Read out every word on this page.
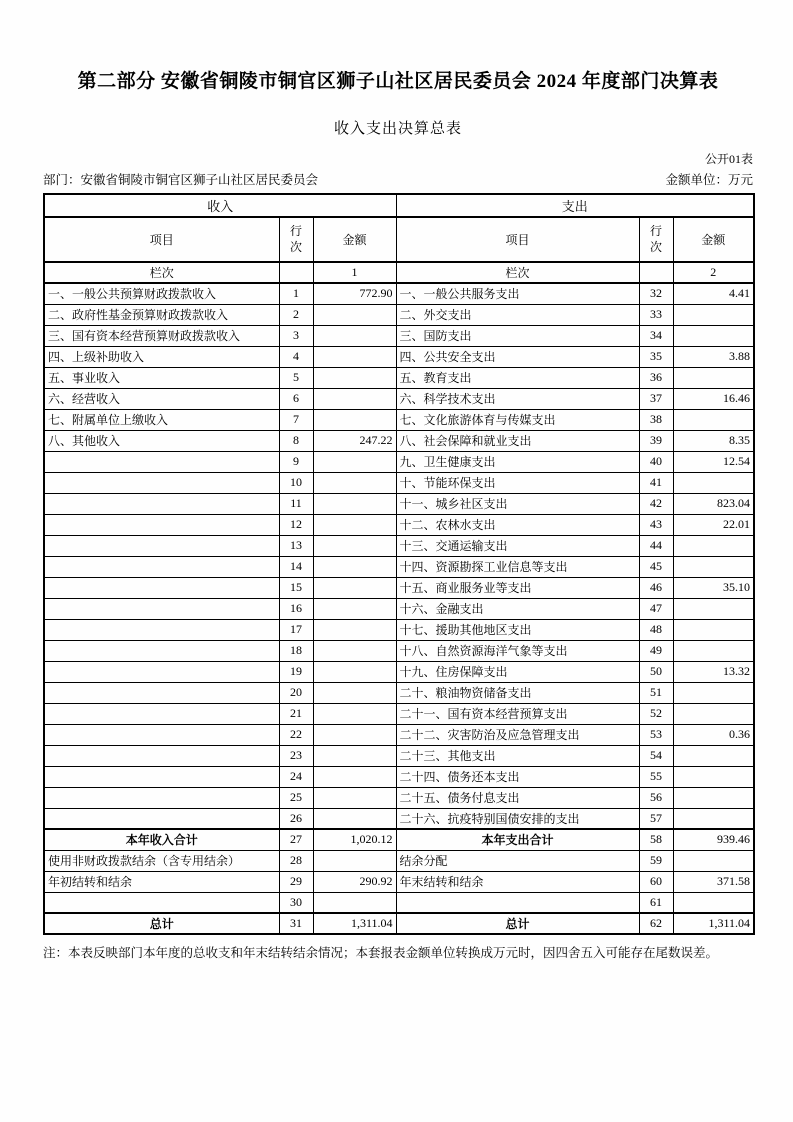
第二部分 安徽省铜陵市铜官区狮子山社区居民委员会 2024 年度部门决算表
收入支出决算总表
公开01表
部门：安徽省铜陵市铜官区狮子山社区居民委员会	金额单位：万元
收入			支出		
项目	行次	金额	项目	行次	金额
栏次		1	栏次		2
一、一般公共预算财政拨款收入	1	772.90	一、一般公共服务支出	32	4.41
二、政府性基金预算财政拨款收入	2		二、外交支出	33	
三、国有资本经营预算财政拨款收入	3		三、国防支出	34	
四、上级补助收入	4		四、公共安全支出	35	3.88
五、事业收入	5		五、教育支出	36	
六、经营收入	6		六、科学技术支出	37	16.46
七、附属单位上缴收入	7		七、文化旅游体育与传媒支出	38	
八、其他收入	8	247.22	八、社会保障和就业支出	39	8.35
	9		九、卫生健康支出	40	12.54
	10		十、节能环保支出	41	
	11		十一、城乡社区支出	42	823.04
	12		十二、农林水支出	43	22.01
	13		十三、交通运输支出	44	
	14		十四、资源勘探工业信息等支出	45	
	15		十五、商业服务业等支出	46	35.10
	16		十六、金融支出	47	
	17		十七、援助其他地区支出	48	
	18		十八、自然资源海洋气象等支出	49	
	19		十九、住房保障支出	50	13.32
	20		二十、粮油物资储备支出	51	
	21		二十一、国有资本经营预算支出	52	
	22		二十二、灾害防治及应急管理支出	53	0.36
	23		二十三、其他支出	54	
	24		二十四、债务还本支出	55	
	25		二十五、债务付息支出	56	
	26		二十六、抗疫特别国债安排的支出	57	
本年收入合计	27	1,020.12	本年支出合计	58	939.46
使用非财政拨款结余（含专用结余）	28		结余分配	59	
年初结转和结余	29	290.92	年末结转和结余	60	371.58
	30			61	
总计	31	1,311.04	总计	62	1,311.04
注：本表反映部门本年度的总收支和年末结转结余情况；本套报表金额单位转换成万元时，因四舍五入可能存在尾数误差。
